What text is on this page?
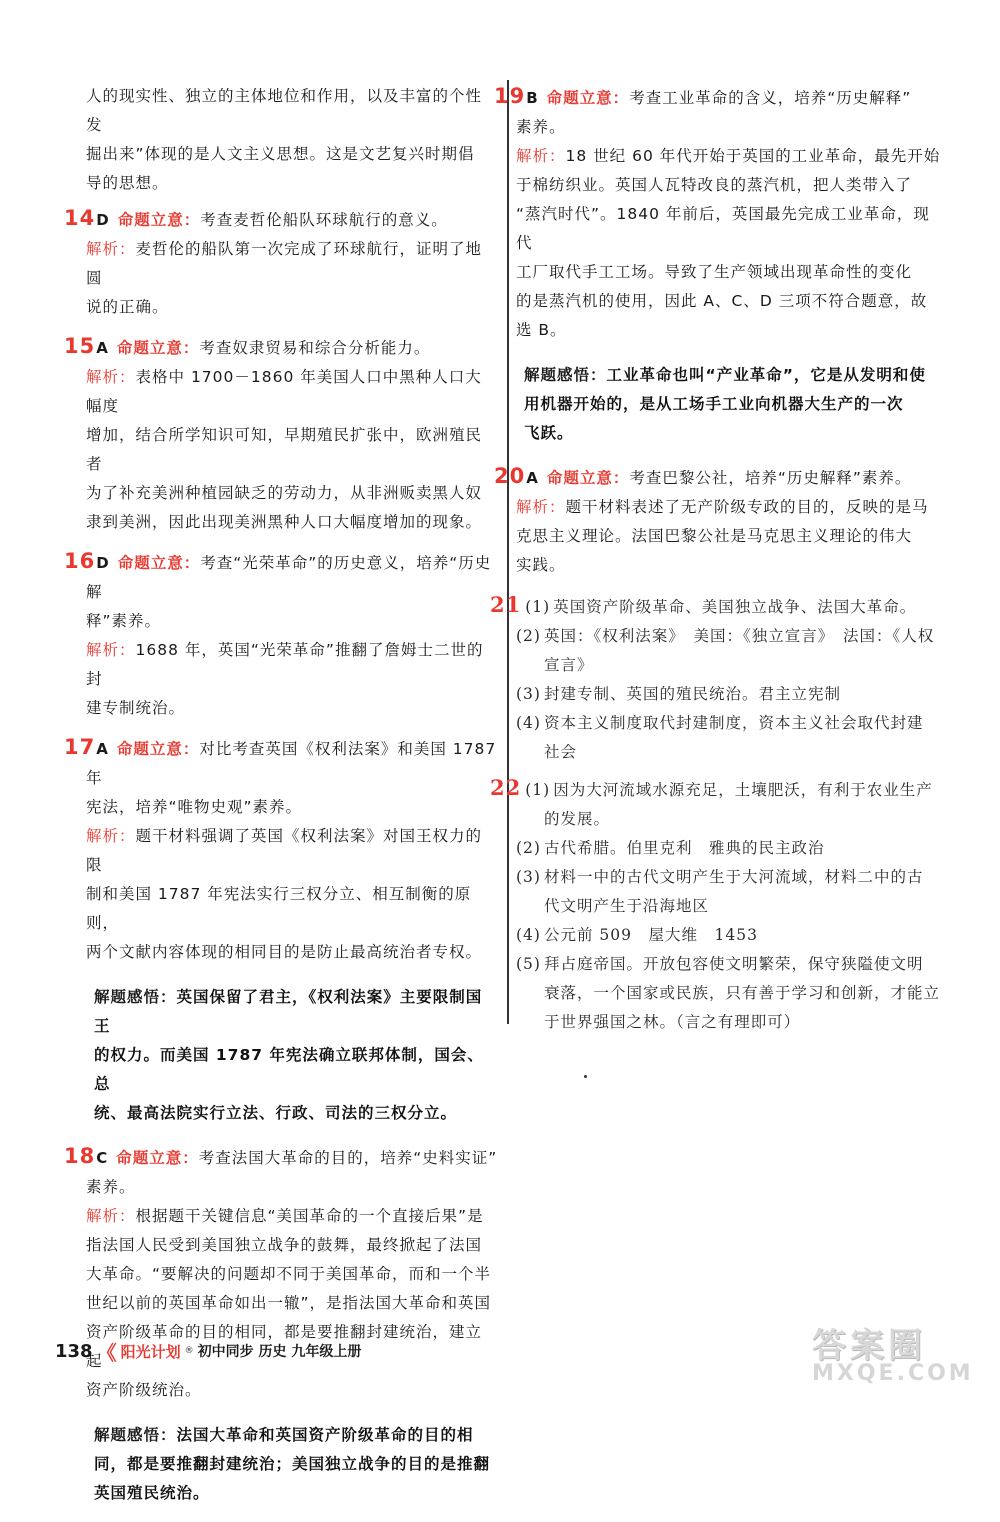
人的现实性、独立的主体地位和作用，以及丰富的个性发

掘出来”体现的是人文主义思想。这是文艺复兴时期倡

导的思想。

14D 命题立意：考查麦哲伦船队环球航行的意义。

解析：麦哲伦的船队第一次完成了环球航行，证明了地圆

说的正确。

15A 命题立意：考查奴隶贸易和综合分析能力。

解析：表格中 1700－1860 年美国人口中黑种人口大幅度

增加，结合所学知识可知，早期殖民扩张中，欧洲殖民者

为了补充美洲种植园缺乏的劳动力，从非洲贩卖黑人奴

隶到美洲，因此出现美洲黑种人口大幅度增加的现象。

16D 命题立意：考查“光荣革命”的历史意义，培养“历史解

释”素养。

解析：1688 年，英国“光荣革命”推翻了詹姆士二世的封

建专制统治。

17A 命题立意：对比考查英国《权利法案》和美国 1787 年

宪法，培养“唯物史观”素养。

解析：题干材料强调了英国《权利法案》对国王权力的限

制和美国 1787 年宪法实行三权分立、相互制衡的原则，

两个文献内容体现的相同目的是防止最高统治者专权。

解题感悟：英国保留了君主，《权利法案》主要限制国王

的权力。而美国 1787 年宪法确立联邦体制，国会、总

统、最高法院实行立法、行政、司法的三权分立。

18C 命题立意：考查法国大革命的目的，培养“史料实证”

素养。

解析：根据题干关键信息“美国革命的一个直接后果”是

指法国人民受到美国独立战争的鼓舞，最终掀起了法国

大革命。“要解决的问题却不同于美国革命，而和一个半

世纪以前的英国革命如出一辙”，是指法国大革命和英国

资产阶级革命的目的相同，都是要推翻封建统治，建立起

资产阶级统治。

解题感悟：法国大革命和英国资产阶级革命的目的相

同，都是要推翻封建统治；美国独立战争的目的是推翻

英国殖民统治。

19B 命题立意：考查工业革命的含义，培养“历史解释”

素养。

解析：18 世纪 60 年代开始于英国的工业革命，最先开始

于棉纺织业。英国人瓦特改良的蒸汽机，把人类带入了

“蒸汽时代”。1840 年前后，英国最先完成工业革命，现代

工厂取代手工工场。导致了生产领域出现革命性的变化

的是蒸汽机的使用，因此 A、C、D 三项不符合题意，故

选 B。

解题感悟：工业革命也叫“产业革命”，它是从发明和使

用机器开始的，是从工场手工业向机器大生产的一次

飞跃。

20A 命题立意：考查巴黎公社，培养“历史解释”素养。

解析：题干材料表述了无产阶级专政的目的，反映的是马

克思主义理论。法国巴黎公社是马克思主义理论的伟大

实践。

21 (1) 英国资产阶级革命、美国独立战争、法国大革命。

(2) 英国：《权利法案》　美国：《独立宣言》　法国：《人权

宣言》

(3) 封建专制、英国的殖民统治。君主立宪制

(4) 资本主义制度取代封建制度，资本主义社会取代封建

社会

22 (1) 因为大河流域水源充足，土壤肥沃，有利于农业生产

的发展。

(2) 古代希腊。伯里克利　雅典的民主政治

(3) 材料一中的古代文明产生于大河流域，材料二中的古

代文明产生于沿海地区

(4) 公元前 509　屋大维　1453

(5) 拜占庭帝国。开放包容使文明繁荣，保守狭隘使文明

衰落，一个国家或民族，只有善于学习和创新，才能立

于世界强国之林。（言之有理即可）

138 《 阳光计划 ® 初中同步 历史 九年级上册	答案圈
MXQE.COM
